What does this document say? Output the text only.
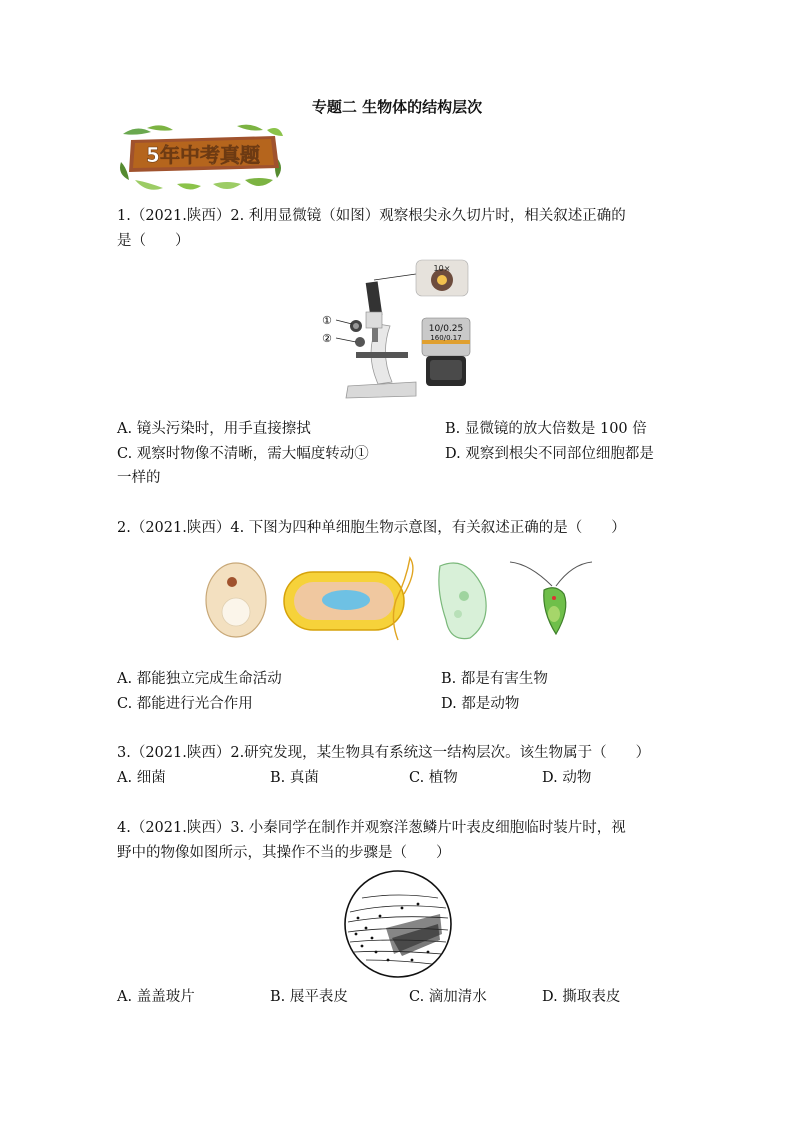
专题二 生物体的结构层次
5年中考真题
1.（2021.陕西）2. 利用显微镜（如图）观察根尖永久切片时，相关叙述正确的
是（　　）
①
②
10×
10/0.25
160/0.17
A. 镜头污染时，用手直接擦拭	B. 显微镜的放大倍数是 100 倍
C. 观察时物像不清晰，需大幅度转动①	D. 观察到根尖不同部位细胞都是
一样的
2.（2021.陕西）4. 下图为四种单细胞生物示意图，有关叙述正确的是（　　）
A. 都能独立完成生命活动	B. 都是有害生物
C. 都能进行光合作用	D. 都是动物
3.（2021.陕西）2.研究发现，某生物具有系统这一结构层次。该生物属于（　　）
A. 细菌	B. 真菌	C. 植物	D. 动物
4.（2021.陕西）3. 小秦同学在制作并观察洋葱鳞片叶表皮细胞临时装片时，视
野中的物像如图所示，其操作不当的步骤是（　　）
A. 盖盖玻片	B. 展平表皮	C. 滴加清水	D. 撕取表皮
